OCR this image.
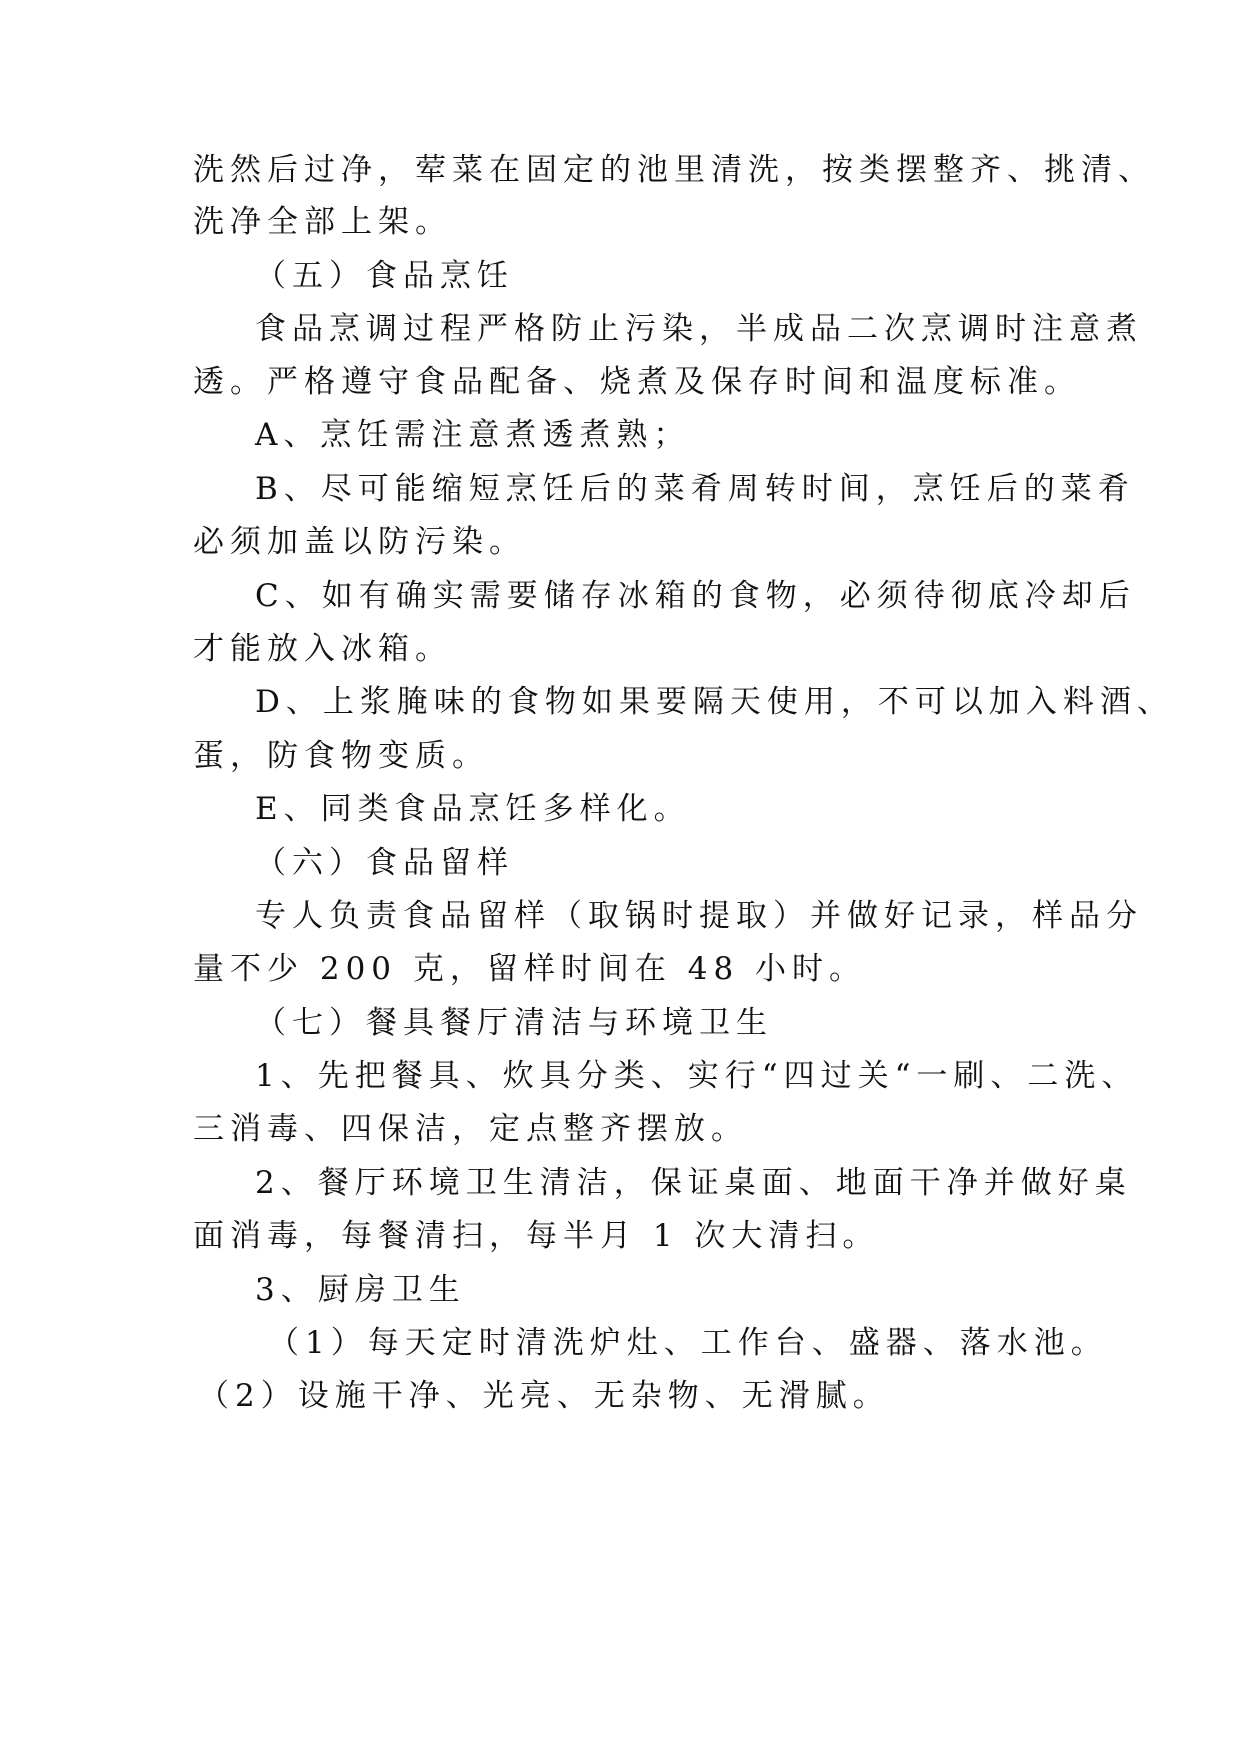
洗然后过净，荤菜在固定的池里清洗，按类摆整齐、挑清、
洗净全部上架。
（五）食品烹饪
食品烹调过程严格防止污染，半成品二次烹调时注意煮
透。严格遵守食品配备、烧煮及保存时间和温度标准。
A、烹饪需注意煮透煮熟；
B、尽可能缩短烹饪后的菜肴周转时间，烹饪后的菜肴
必须加盖以防污染。
C、如有确实需要储存冰箱的食物，必须待彻底冷却后
才能放入冰箱。
D、上浆腌味的食物如果要隔天使用，不可以加入料酒、
蛋，防食物变质。
E、同类食品烹饪多样化。
（六）食品留样
专人负责食品留样（取锅时提取）并做好记录，样品分
量不少 200 克，留样时间在 48 小时。
（七）餐具餐厅清洁与环境卫生
1、先把餐具、炊具分类、实行“四过关“一刷、二洗、
三消毒、四保洁，定点整齐摆放。
2、餐厅环境卫生清洁，保证桌面、地面干净并做好桌
面消毒，每餐清扫，每半月 1 次大清扫。
3、厨房卫生
（1）每天定时清洗炉灶、工作台、盛器、落水池。
（2）设施干净、光亮、无杂物、无滑腻。
